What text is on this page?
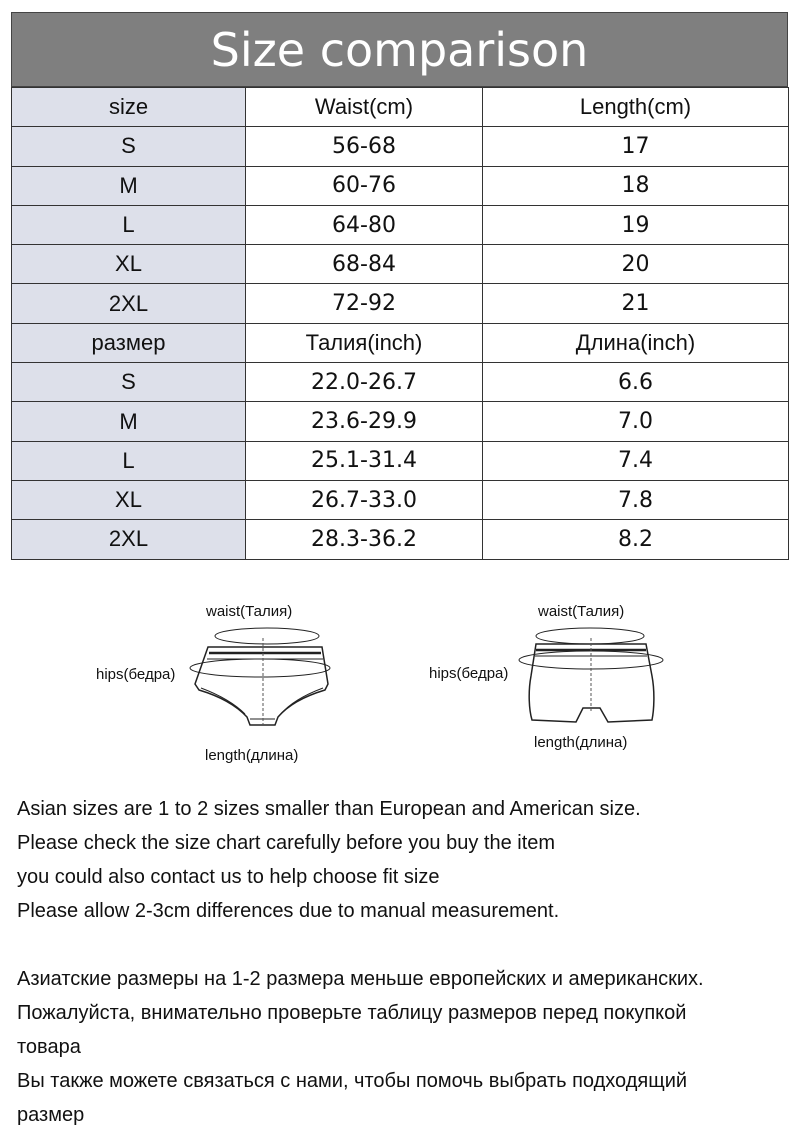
Size comparison
size	Waist(cm)	Length(cm)
S	56-68	17
M	60-76	18
L	64-80	19
XL	68-84	20
2XL	72-92	21
размер	Талия(inch)	Длина(inch)
S	22.0-26.7	6.6
M	23.6-29.9	7.0
L	25.1-31.4	7.4
XL	26.7-33.0	7.8
2XL	28.3-36.2	8.2
waist(Талия)
hips(бедра)
length(длина)
waist(Талия)
hips(бедра)
length(длина)

Asian sizes are 1 to 2 sizes smaller than European and American size.

Please check the size chart carefully before you buy the item

you could also contact us to help choose fit size

Please allow 2-3cm differences due to manual measurement.

Азиатские размеры на 1-2 размера меньше европейских и американских.

Пожалуйста, внимательно проверьте таблицу размеров перед покупкой

товара

Вы также можете связаться с нами, чтобы помочь выбрать подходящий

размер
